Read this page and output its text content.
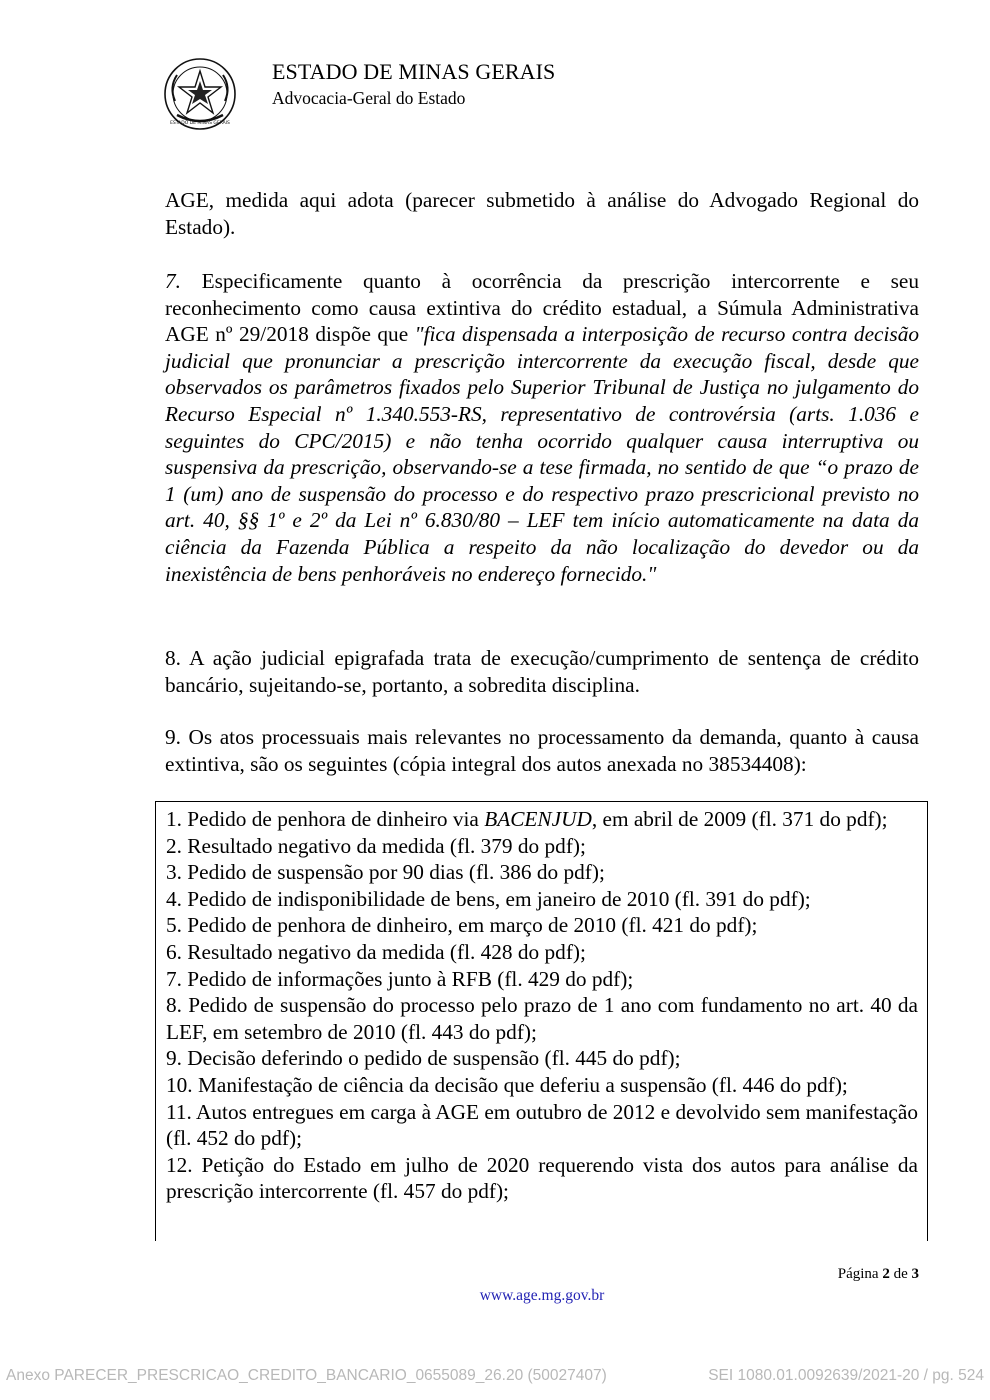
ESTADO DE MINAS GERAIS
ESTADO DE MINAS GERAIS
Advocacia-Geral do Estado
AGE, medida aqui adota (parecer submetido à análise do Advogado Regional do Estado).
7. Especificamente quanto à ocorrência da prescrição intercorrente e seu reconhecimento como causa extintiva do crédito estadual, a Súmula Administrativa AGE nº 29/2018 dispõe que "fica dispensada a interposição de recurso contra decisão judicial que pronunciar a prescrição intercorrente da execução fiscal, desde que observados os parâmetros fixados pelo Superior Tribunal de Justiça no julgamento do Recurso Especial nº 1.340.553-RS, representativo de controvérsia (arts. 1.036 e seguintes do CPC/2015) e não tenha ocorrido qualquer causa interruptiva ou suspensiva da prescrição, observando-se a tese firmada, no sentido de que “o prazo de 1 (um) ano de suspensão do processo e do respectivo prazo prescricional previsto no art. 40, §§ 1º e 2º da Lei nº 6.830/80 – LEF tem início automaticamente na data da ciência da Fazenda Pública a respeito da não localização do devedor ou da inexistência de bens penhoráveis no endereço fornecido."
8. A ação judicial epigrafada trata de execução/cumprimento de sentença de crédito bancário, sujeitando-se, portanto, a sobredita disciplina.
9. Os atos processuais mais relevantes no processamento da demanda, quanto à causa extintiva, são os seguintes (cópia integral dos autos anexada no 38534408):
1. Pedido de penhora de dinheiro via BACENJUD, em abril de 2009 (fl. 371 do pdf);
2. Resultado negativo da medida (fl. 379 do pdf);
3. Pedido de suspensão por 90 dias (fl. 386 do pdf);
4. Pedido de indisponibilidade de bens, em janeiro de 2010 (fl. 391 do pdf);
5. Pedido de penhora de dinheiro, em março de 2010 (fl. 421 do pdf);
6. Resultado negativo da medida (fl. 428 do pdf);
7. Pedido de informações junto à RFB (fl. 429 do pdf);
8. Pedido de suspensão do processo pelo prazo de 1 ano com fundamento no art. 40 da LEF, em setembro de 2010 (fl. 443 do pdf);
9. Decisão deferindo o pedido de suspensão (fl. 445 do pdf);
10. Manifestação de ciência da decisão que deferiu a suspensão (fl. 446 do pdf);
11. Autos entregues em carga à AGE em outubro de 2012 e devolvido sem manifestação (fl. 452 do pdf);
12. Petição do Estado em julho de 2020 requerendo vista dos autos para análise da prescrição intercorrente (fl. 457 do pdf);
Página 2 de 3
www.age.mg.gov.br
Anexo PARECER_PRESCRICAO_CREDITO_BANCARIO_0655089_26.20 (50027407)	SEI 1080.01.0092639/2021-20 / pg. 524
